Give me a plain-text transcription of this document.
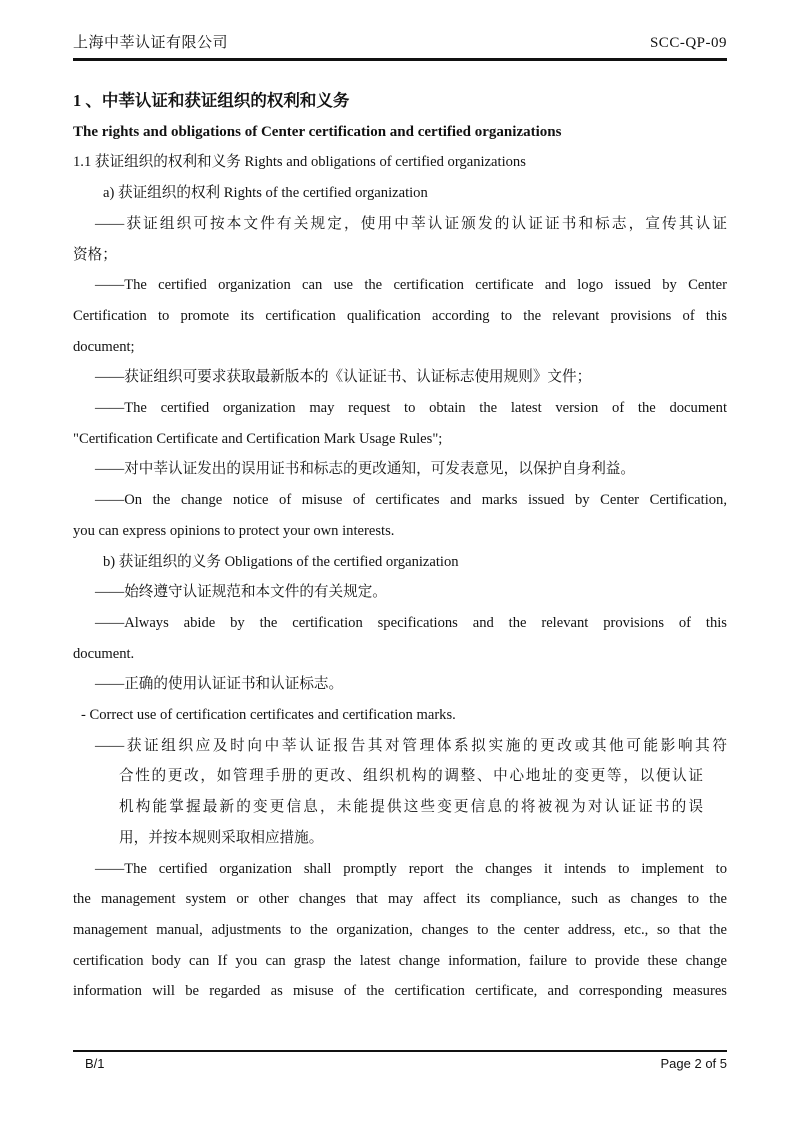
上海中莘认证有限公司	SCC-QP-09
1 、中莘认证和获证组织的权利和义务
The rights and obligations of Center certification and certified organizations
1.1 获证组织的权利和义务 Rights and obligations of certified organizations
a) 获证组织的权利 Rights of the certified organization
——获证组织可按本文件有关规定，使用中莘认证颁发的认证证书和标志，宣传其认证
资格；
——The certified organization can use the certification certificate and logo issued by Center
Certification to promote its certification qualification according to the relevant provisions of this
document;
——获证组织可要求获取最新版本的《认证证书、认证标志使用规则》文件；
——The certified organization may request to obtain the latest version of the document
"Certification Certificate and Certification Mark Usage Rules";
——对中莘认证发出的误用证书和标志的更改通知，可发表意见，以保护自身利益。
——On the change notice of misuse of certificates and marks issued by Center Certification,
you can express opinions to protect your own interests.
b) 获证组织的义务 Obligations of the certified organization
——始终遵守认证规范和本文件的有关规定。
——Always abide by the certification specifications and the relevant provisions of this
document.
——正确的使用认证证书和认证标志。
- Correct use of certification certificates and certification marks.
——获证组织应及时向中莘认证报告其对管理体系拟实施的更改或其他可能影响其符
合性的更改，如管理手册的更改、组织机构的调整、中心地址的变更等，以便认证
机构能掌握最新的变更信息，未能提供这些变更信息的将被视为对认证证书的误
用，并按本规则采取相应措施。
——The certified organization shall promptly report the changes it intends to implement to
the management system or other changes that may affect its compliance, such as changes to the
management manual, adjustments to the organization, changes to the center address, etc., so that the
certification body can If you can grasp the latest change information, failure to provide these change
information will be regarded as misuse of the certification certificate, and corresponding measures
B/1	Page 2 of 5
